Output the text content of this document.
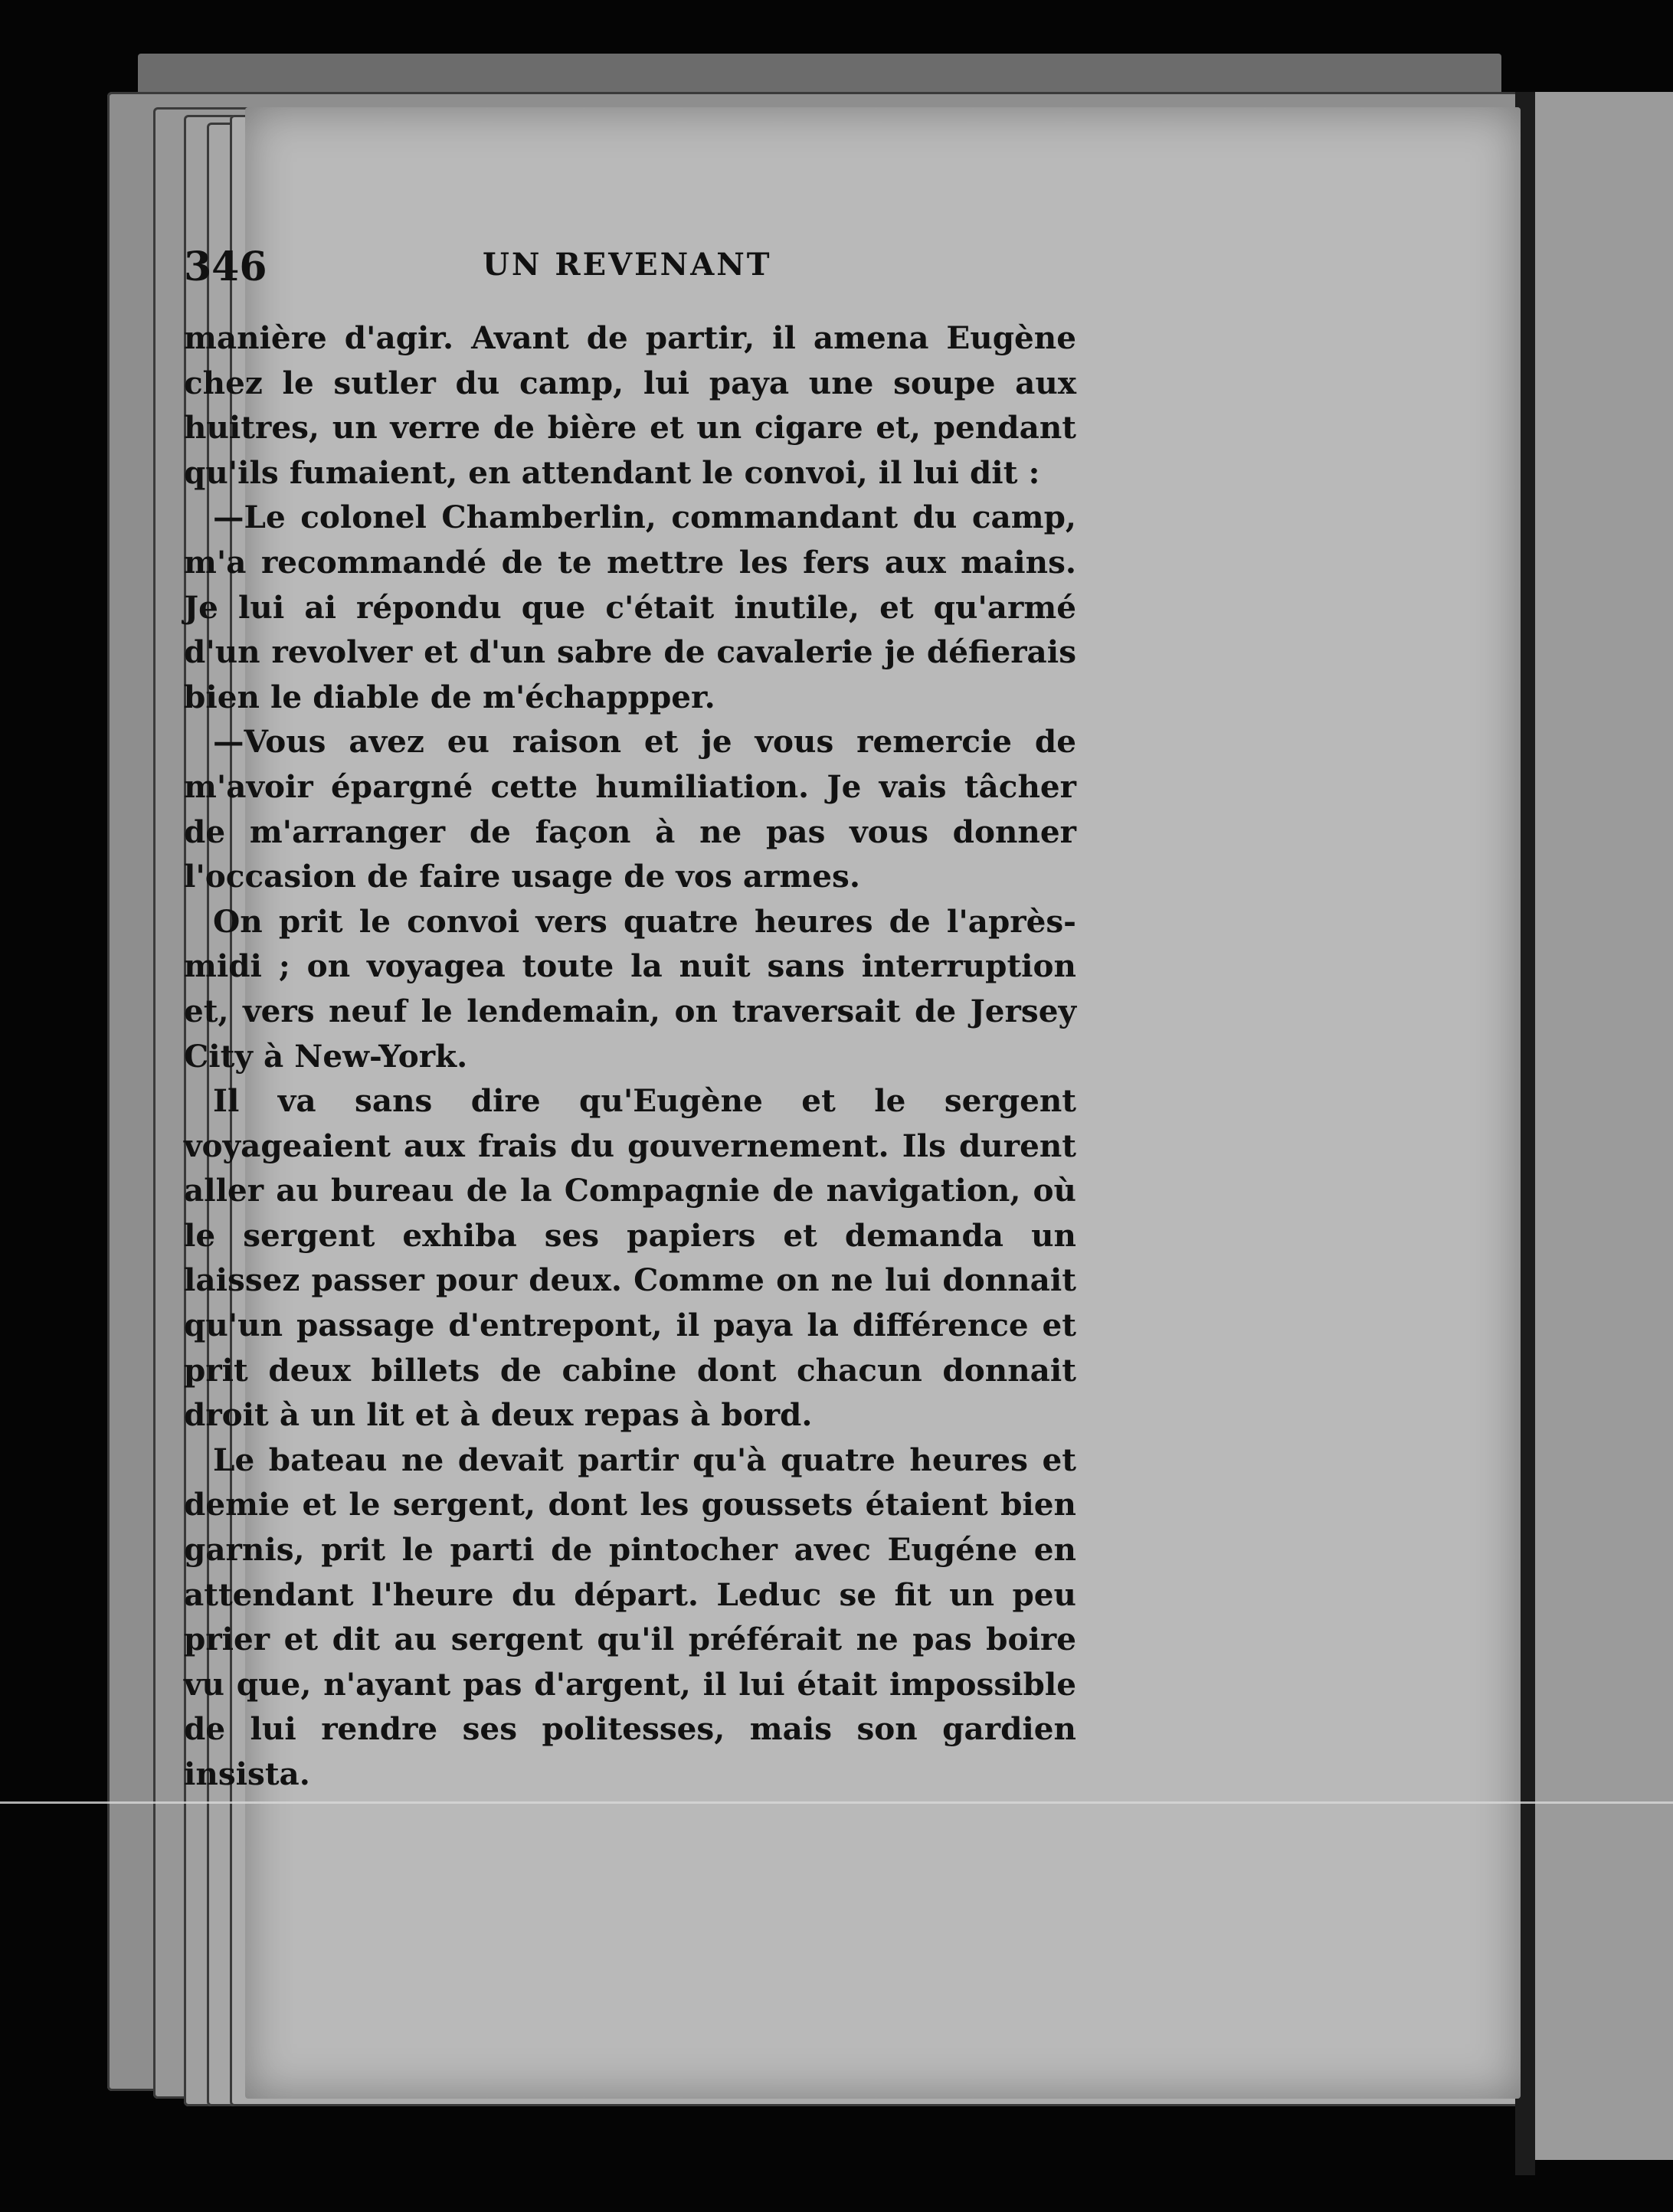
346	UN REVENANT

manière d'agir. Avant de partir, il amena Eugène chez le sutler du camp, lui paya une soupe aux huitres, un verre de bière et un cigare et, pendant qu'ils fumaient, en attendant le convoi, il lui dit :

—Le colonel Chamberlin, commandant du camp, m'a recommandé de te mettre les fers aux mains. Je lui ai répondu que c'était inutile, et qu'armé d'un revolver et d'un sabre de cavalerie je défierais bien le diable de m'échappper.

—Vous avez eu raison et je vous remercie de m'avoir épargné cette humiliation. Je vais tâcher de m'arranger de façon à ne pas vous donner l'occasion de faire usage de vos armes.

On prit le convoi vers quatre heures de l'après-midi ; on voyagea toute la nuit sans interruption et, vers neuf le lendemain, on traversait de Jersey City à New-York.

Il va sans dire qu'Eugène et le sergent voyageaient aux frais du gouvernement. Ils durent aller au bureau de la Compagnie de navigation, où le sergent exhiba ses papiers et demanda un laissez passer pour deux. Comme on ne lui donnait qu'un passage d'entrepont, il paya la différence et prit deux billets de cabine dont chacun donnait droit à un lit et à deux repas à bord.

Le bateau ne devait partir qu'à quatre heures et demie et le sergent, dont les goussets étaient bien garnis, prit le parti de pintocher avec Eugéne en attendant l'heure du départ. Leduc se fit un peu prier et dit au sergent qu'il préférait ne pas boire vu que, n'ayant pas d'argent, il lui était impossible de lui rendre ses politesses, mais son gardien insista.
